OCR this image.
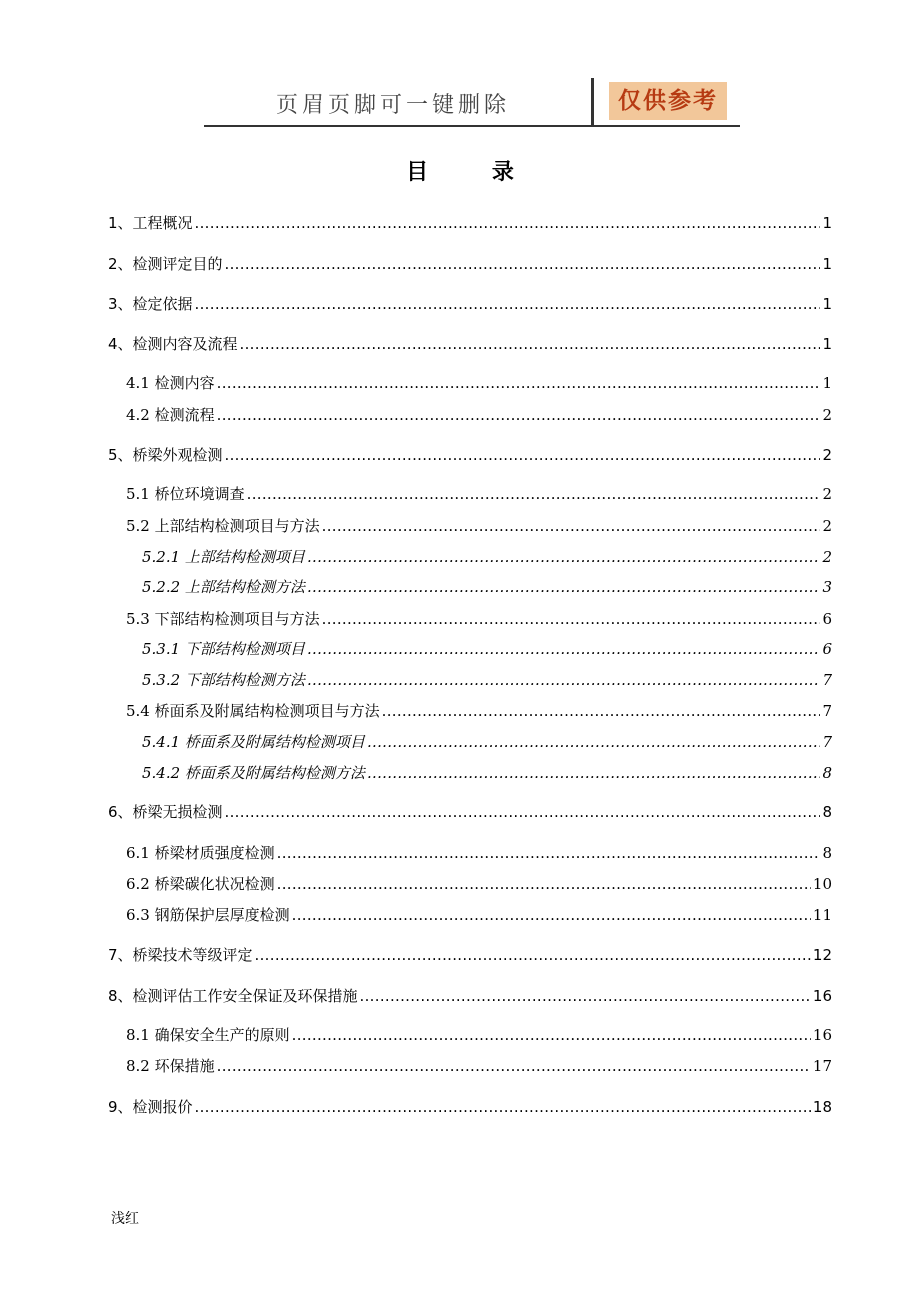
页眉页脚可一键删除	仅供参考
目 录
1、工程概况 .....	1
2、检测评定目的 .....	1
3、检定依据 .....	1
4、检测内容及流程 .....	1
4.1 检测内容 .....	1
4.2 检测流程 .....	2
5、桥梁外观检测 .....	2
5.1 桥位环境调查 .....	2
5.2 上部结构检测项目与方法 .....	2
5.2.1 上部结构检测项目 .....	2
5.2.2 上部结构检测方法 .....	3
5.3 下部结构检测项目与方法 .....	6
5.3.1 下部结构检测项目 .....	6
5.3.2 下部结构检测方法 .....	7
5.4 桥面系及附属结构检测项目与方法 .....	7
5.4.1 桥面系及附属结构检测项目 .....	7
5.4.2 桥面系及附属结构检测方法 .....	8
6、桥梁无损检测 .....	8
6.1 桥梁材质强度检测 .....	8
6.2 桥梁碳化状况检测 .....	10
6.3 钢筋保护层厚度检测 .....	11
7、桥梁技术等级评定 .....	12
8、检测评估工作安全保证及环保措施 .....	16
8.1 确保安全生产的原则 .....	16
8.2 环保措施 .....	17
9、检测报价 .....	18
浅红
